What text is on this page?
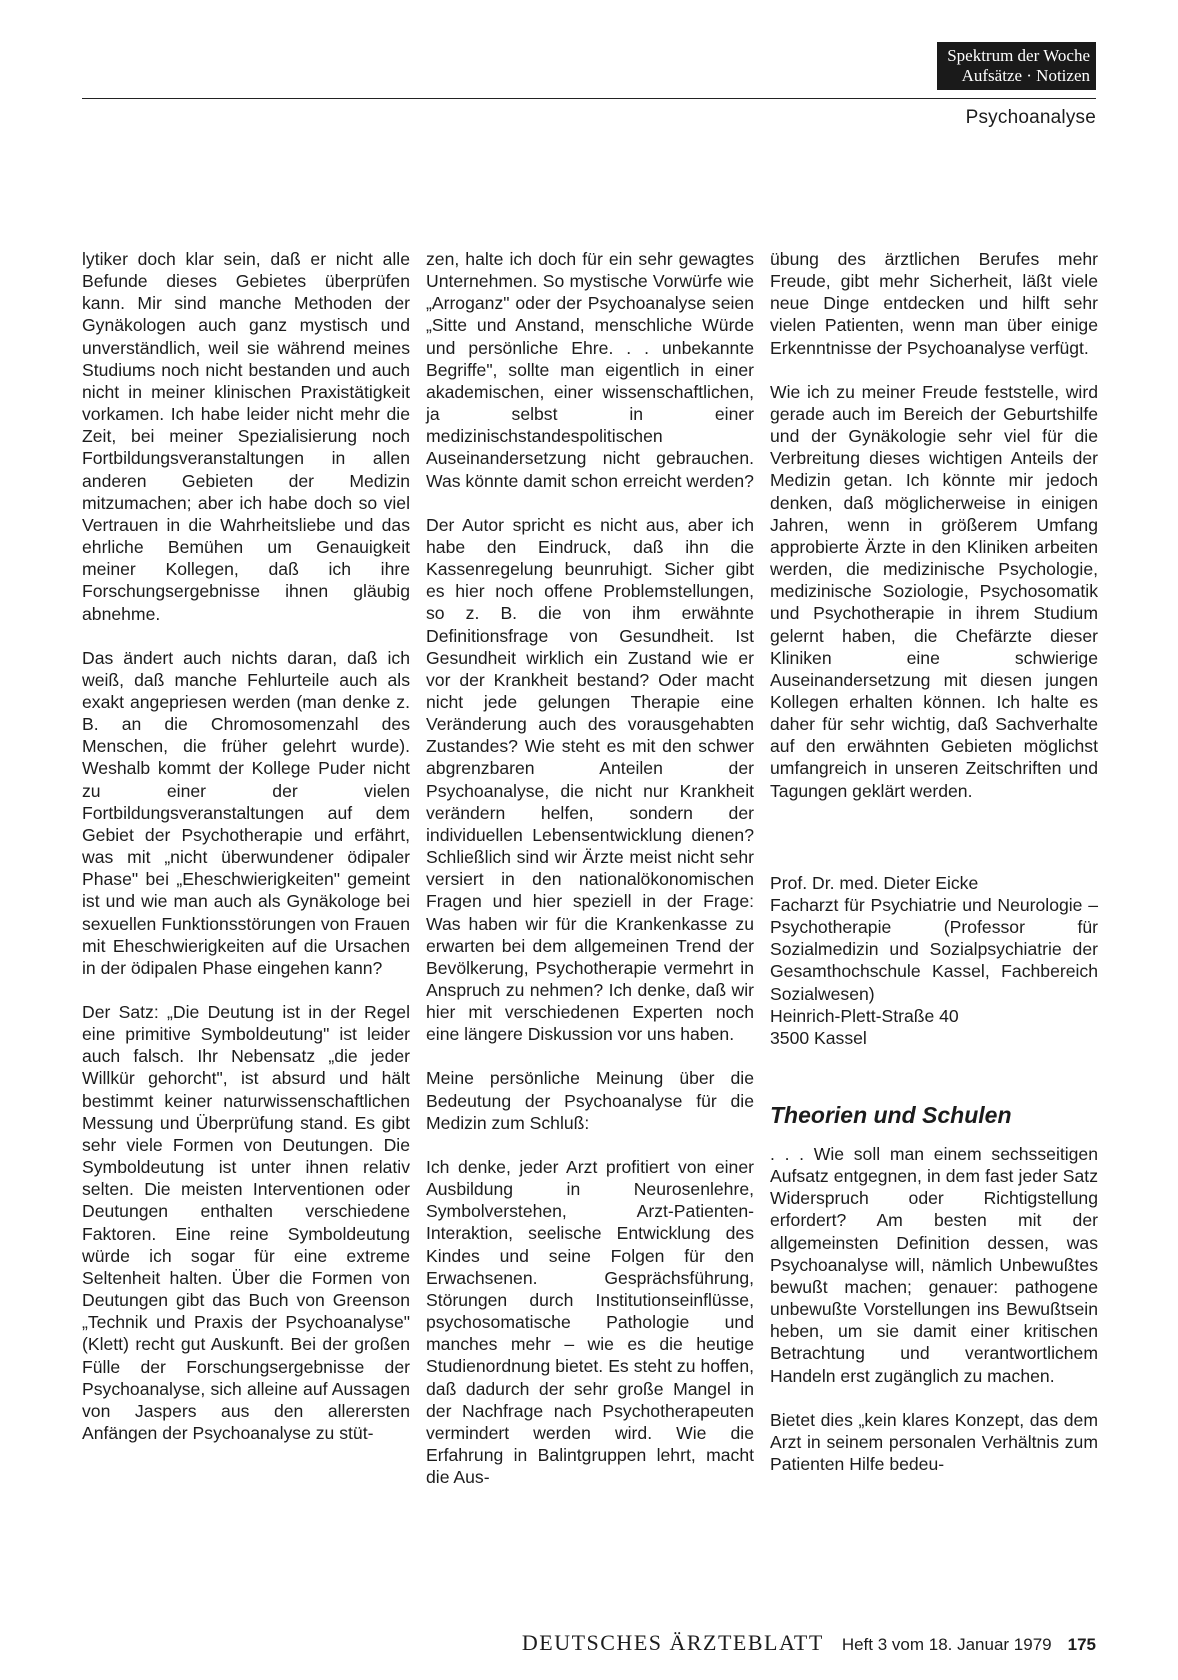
Spektrum der Woche
Aufsätze · Notizen
Psychoanalyse

lytiker doch klar sein, daß er nicht alle Befunde dieses Gebietes überprüfen kann. Mir sind manche Methoden der Gynäkologen auch ganz mystisch und unverständlich, weil sie während meines Studiums noch nicht bestanden und auch nicht in meiner klinischen Praxistätigkeit vorkamen. Ich habe leider nicht mehr die Zeit, bei meiner Spezialisierung noch Fortbildungsveranstaltungen in allen anderen Gebieten der Medizin mitzumachen; aber ich habe doch so viel Vertrauen in die Wahrheitsliebe und das ehrliche Bemühen um Genauigkeit meiner Kollegen, daß ich ihre Forschungsergebnisse ihnen gläubig abnehme.

Das ändert auch nichts daran, daß ich weiß, daß manche Fehlurteile auch als exakt angepriesen werden (man denke z. B. an die Chromosomenzahl des Menschen, die früher gelehrt wurde). Weshalb kommt der Kollege Puder nicht zu einer der vielen Fortbildungsveranstaltungen auf dem Gebiet der Psychotherapie und erfährt, was mit „nicht überwundener ödipaler Phase" bei „Eheschwierigkeiten" gemeint ist und wie man auch als Gynäkologe bei sexuellen Funktionsstörungen von Frauen mit Eheschwierigkeiten auf die Ursachen in der ödipalen Phase eingehen kann?

Der Satz: „Die Deutung ist in der Regel eine primitive Symboldeutung" ist leider auch falsch. Ihr Nebensatz „die jeder Willkür gehorcht", ist absurd und hält bestimmt keiner naturwissenschaftlichen Messung und Überprüfung stand. Es gibt sehr viele Formen von Deutungen. Die Symboldeutung ist unter ihnen relativ selten. Die meisten Interventionen oder Deutungen enthalten verschiedene Faktoren. Eine reine Symboldeutung würde ich sogar für eine extreme Seltenheit halten. Über die Formen von Deutungen gibt das Buch von Greenson „Technik und Praxis der Psychoanalyse" (Klett) recht gut Auskunft. Bei der großen Fülle der Forschungsergebnisse der Psychoanalyse, sich alleine auf Aussagen von Jaspers aus den allerersten Anfängen der Psychoanalyse zu stüt-

zen, halte ich doch für ein sehr gewagtes Unternehmen. So mystische Vorwürfe wie „Arroganz" oder der Psychoanalyse seien „Sitte und Anstand, menschliche Würde und persönliche Ehre. . . unbekannte Begriffe", sollte man eigentlich in einer akademischen, einer wissenschaftlichen, ja selbst in einer medizinischstandespolitischen Auseinandersetzung nicht gebrauchen. Was könnte damit schon erreicht werden?

Der Autor spricht es nicht aus, aber ich habe den Eindruck, daß ihn die Kassenregelung beunruhigt. Sicher gibt es hier noch offene Problemstellungen, so z. B. die von ihm erwähnte Definitionsfrage von Gesundheit. Ist Gesundheit wirklich ein Zustand wie er vor der Krankheit bestand? Oder macht nicht jede gelungen Therapie eine Veränderung auch des vorausgehabten Zustandes? Wie steht es mit den schwer abgrenzbaren Anteilen der Psychoanalyse, die nicht nur Krankheit verändern helfen, sondern der individuellen Lebensentwicklung dienen? Schließlich sind wir Ärzte meist nicht sehr versiert in den nationalökonomischen Fragen und hier speziell in der Frage: Was haben wir für die Krankenkasse zu erwarten bei dem allgemeinen Trend der Bevölkerung, Psychotherapie vermehrt in Anspruch zu nehmen? Ich denke, daß wir hier mit verschiedenen Experten noch eine längere Diskussion vor uns haben.

Meine persönliche Meinung über die Bedeutung der Psychoanalyse für die Medizin zum Schluß:

Ich denke, jeder Arzt profitiert von einer Ausbildung in Neurosenlehre, Symbolverstehen, Arzt-Patienten-Interaktion, seelische Entwicklung des Kindes und seine Folgen für den Erwachsenen. Gesprächsführung, Störungen durch Institutionseinflüsse, psychosomatische Pathologie und manches mehr – wie es die heutige Studienordnung bietet. Es steht zu hoffen, daß dadurch der sehr große Mangel in der Nachfrage nach Psychotherapeuten vermindert werden wird. Wie die Erfahrung in Balintgruppen lehrt, macht die Aus-

übung des ärztlichen Berufes mehr Freude, gibt mehr Sicherheit, läßt viele neue Dinge entdecken und hilft sehr vielen Patienten, wenn man über einige Erkenntnisse der Psychoanalyse verfügt.

Wie ich zu meiner Freude feststelle, wird gerade auch im Bereich der Geburtshilfe und der Gynäkologie sehr viel für die Verbreitung dieses wichtigen Anteils der Medizin getan. Ich könnte mir jedoch denken, daß möglicherweise in einigen Jahren, wenn in größerem Umfang approbierte Ärzte in den Kliniken arbeiten werden, die medizinische Psychologie, medizinische Soziologie, Psychosomatik und Psychotherapie in ihrem Studium gelernt haben, die Chefärzte dieser Kliniken eine schwierige Auseinandersetzung mit diesen jungen Kollegen erhalten können. Ich halte es daher für sehr wichtig, daß Sachverhalte auf den erwähnten Gebieten möglichst umfangreich in unseren Zeitschriften und Tagungen geklärt werden.

Prof. Dr. med. Dieter Eicke
Facharzt für Psychiatrie und Neurologie – Psychotherapie (Professor für Sozialmedizin und Sozialpsychiatrie der Gesamthochschule Kassel, Fachbereich Sozialwesen)
Heinrich-Plett-Straße 40
3500 Kassel
Theorien und Schulen

. . . Wie soll man einem sechsseitigen Aufsatz entgegnen, in dem fast jeder Satz Widerspruch oder Richtigstellung erfordert? Am besten mit der allgemeinsten Definition dessen, was Psychoanalyse will, nämlich Unbewußtes bewußt machen; genauer: pathogene unbewußte Vorstellungen ins Bewußtsein heben, um sie damit einer kritischen Betrachtung und verantwortlichem Handeln erst zugänglich zu machen.

Bietet dies „kein klares Konzept, das dem Arzt in seinem personalen Verhältnis zum Patienten Hilfe bedeu-

DEUTSCHES ÄRZTEBLATT Heft 3 vom 18. Januar 1979 175
